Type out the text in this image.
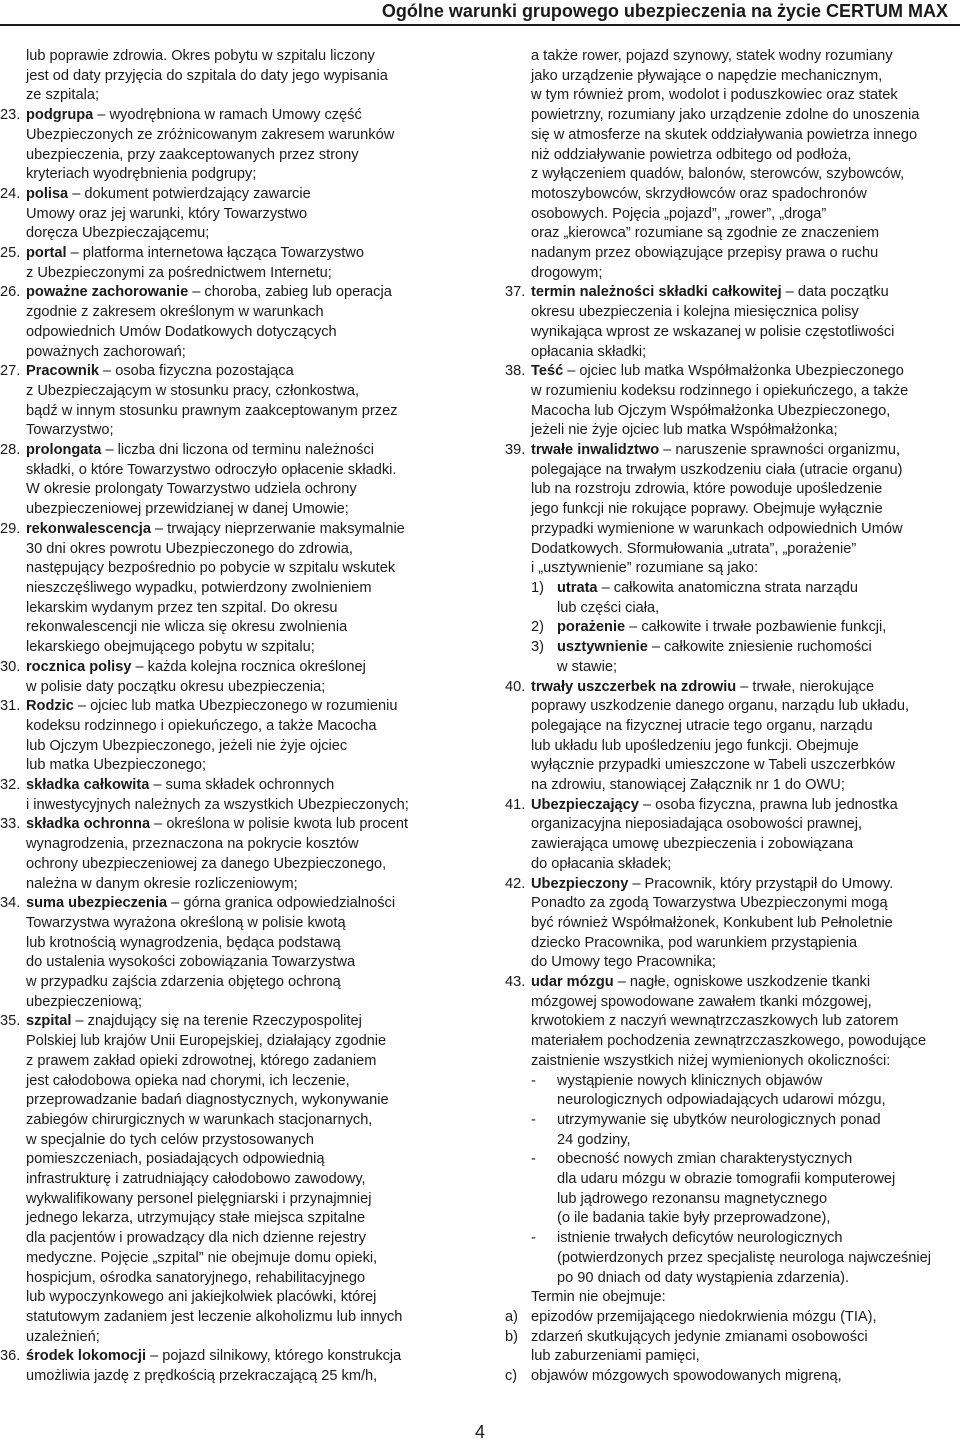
Ogólne warunki grupowego ubezpieczenia na życie CERTUM MAX
lub poprawie zdrowia. Okres pobytu w szpitalu liczony
jest od daty przyjęcia do szpitala do daty jego wypisania
ze szpitala;
23. podgrupa – wyodrębniona w ramach Umowy część
Ubezpieczonych ze zróżnicowanym zakresem warunków
ubezpieczenia, przy zaakceptowanych przez strony
kryteriach wyodrębnienia podgrupy;
24. polisa – dokument potwierdzający zawarcie
Umowy oraz jej warunki, który Towarzystwo
doręcza Ubezpieczającemu;
25. portal – platforma internetowa łącząca Towarzystwo
z Ubezpieczonymi za pośrednictwem Internetu;
26. poważne zachorowanie – choroba, zabieg lub operacja
zgodnie z zakresem określonym w warunkach
odpowiednich Umów Dodatkowych dotyczących
poważnych zachorowań;
27. Pracownik – osoba fizyczna pozostająca
z Ubezpieczającym w stosunku pracy, członkostwa,
bądź w innym stosunku prawnym zaakceptowanym przez
Towarzystwo;
28. prolongata – liczba dni liczona od terminu należności
składki, o które Towarzystwo odroczyło opłacenie składki.
W okresie prolongaty Towarzystwo udziela ochrony
ubezpieczeniowej przewidzianej w danej Umowie;
29. rekonwalescencja – trwający nieprzerwanie maksymalnie
30 dni okres powrotu Ubezpieczonego do zdrowia,
następujący bezpośrednio po pobycie w szpitalu wskutek
nieszczęśliwego wypadku, potwierdzony zwolnieniem
lekarskim wydanym przez ten szpital. Do okresu
rekonwalescencji nie wlicza się okresu zwolnienia
lekarskiego obejmującego pobytu w szpitalu;
30. rocznica polisy – każda kolejna rocznica określonej
w polisie daty początku okresu ubezpieczenia;
31. Rodzic – ojciec lub matka Ubezpieczonego w rozumieniu
kodeksu rodzinnego i opiekuńczego, a także Macocha
lub Ojczym Ubezpieczonego, jeżeli nie żyje ojciec
lub matka Ubezpieczonego;
32. składka całkowita – suma składek ochronnych
i inwestycyjnych należnych za wszystkich Ubezpieczonych;
33. składka ochronna – określona w polisie kwota lub procent
wynagrodzenia, przeznaczona na pokrycie kosztów
ochrony ubezpieczeniowej za danego Ubezpieczonego,
należna w danym okresie rozliczeniowym;
34. suma ubezpieczenia – górna granica odpowiedzialności
Towarzystwa wyrażona określoną w polisie kwotą
lub krotnością wynagrodzenia, będąca podstawą
do ustalenia wysokości zobowiązania Towarzystwa
w przypadku zajścia zdarzenia objętego ochroną
ubezpieczeniową;
35. szpital – znajdujący się na terenie Rzeczypospolitej
Polskiej lub krajów Unii Europejskiej, działający zgodnie
z prawem zakład opieki zdrowotnej, którego zadaniem
jest całodobowa opieka nad chorymi, ich leczenie,
przeprowadzanie badań diagnostycznych, wykonywanie
zabiegów chirurgicznych w warunkach stacjonarnych,
w specjalnie do tych celów przystosowanych
pomieszczeniach, posiadających odpowiednią
infrastrukturę i zatrudniający całodobowo zawodowy,
wykwalifikowany personel pielęgniarski i przynajmniej
jednego lekarza, utrzymujący stałe miejsca szpitalne
dla pacjentów i prowadzący dla nich dzienne rejestry
medyczne. Pojęcie „szpital” nie obejmuje domu opieki,
hospicjum, ośrodka sanatoryjnego, rehabilitacyjnego
lub wypoczynkowego ani jakiejkolwiek placówki, której
statutowym zadaniem jest leczenie alkoholizmu lub innych
uzależnień;
36. środek lokomocji – pojazd silnikowy, którego konstrukcja
umożliwia jazdę z prędkością przekraczającą 25 km/h,
a także rower, pojazd szynowy, statek wodny rozumiany
jako urządzenie pływające o napędzie mechanicznym,
w tym również prom, wodolot i poduszkowiec oraz statek
powietrzny, rozumiany jako urządzenie zdolne do unoszenia
się w atmosferze na skutek oddziaływania powietrza innego
niż oddziaływanie powietrza odbitego od podłoża,
z wyłączeniem quadów, balonów, sterowców, szybowców,
motoszybowców, skrzydłowców oraz spadochronów
osobowych. Pojęcia „pojazd”, „rower”, „droga”
oraz „kierowca” rozumiane są zgodnie ze znaczeniem
nadanym przez obowiązujące przepisy prawa o ruchu
drogowym;
37. termin należności składki całkowitej – data początku
okresu ubezpieczenia i kolejna miesięcznica polisy
wynikająca wprost ze wskazanej w polisie częstotliwości
opłacania składki;
38. Teść – ojciec lub matka Współmałżonka Ubezpieczonego
w rozumieniu kodeksu rodzinnego i opiekuńczego, a także
Macocha lub Ojczym Współmałżonka Ubezpieczonego,
jeżeli nie żyje ojciec lub matka Współmałżonka;
39. trwałe inwalidztwo – naruszenie sprawności organizmu,
polegające na trwałym uszkodzeniu ciała (utracie organu)
lub na rozstroju zdrowia, które powoduje upośledzenie
jego funkcji nie rokujące poprawy. Obejmuje wyłącznie
przypadki wymienione w warunkach odpowiednich Umów
Dodatkowych. Sformułowania „utrata”, „porażenie”
i „usztywnienie” rozumiane są jako:
1) utrata – całkowita anatomiczna strata narządu
lub części ciała,
2) porażenie – całkowite i trwałe pozbawienie funkcji,
3) usztywnienie – całkowite zniesienie ruchomości
w stawie;
40. trwały uszczerbek na zdrowiu – trwałe, nierokujące
poprawy uszkodzenie danego organu, narządu lub układu,
polegające na fizycznej utracie tego organu, narządu
lub układu lub upośledzeniu jego funkcji. Obejmuje
wyłącznie przypadki umieszczone w Tabeli uszczerbków
na zdrowiu, stanowiącej Załącznik nr 1 do OWU;
41. Ubezpieczający – osoba fizyczna, prawna lub jednostka
organizacyjna nieposiadająca osobowości prawnej,
zawierająca umowę ubezpieczenia i zobowiązana
do opłacania składek;
42. Ubezpieczony – Pracownik, który przystąpił do Umowy.
Ponadto za zgodą Towarzystwa Ubezpieczonymi mogą
być również Współmałżonek, Konkubent lub Pełnoletnie
dziecko Pracownika, pod warunkiem przystąpienia
do Umowy tego Pracownika;
43. udar mózgu – nagłe, ogniskowe uszkodzenie tkanki
mózgowej spowodowane zawałem tkanki mózgowej,
krwotokiem z naczyń wewnątrzczaszkowych lub zatorem
materiałem pochodzenia zewnątrzczaszkowego, powodujące
zaistnienie wszystkich niżej wymienionych okoliczności:
- wystąpienie nowych klinicznych objawów
neurologicznych odpowiadających udarowi mózgu,
- utrzymywanie się ubytków neurologicznych ponad
24 godziny,
- obecność nowych zmian charakterystycznych
dla udaru mózgu w obrazie tomografii komputerowej
lub jądrowego rezonansu magnetycznego
(o ile badania takie były przeprowadzone),
- istnienie trwałych deficytów neurologicznych
(potwierdzonych przez specjalistę neurologa najwcześniej
po 90 dniach od daty wystąpienia zdarzenia).
Termin nie obejmuje:
a) epizodów przemijającego niedokrwienia mózgu (TIA),
b) zdarzeń skutkujących jedynie zmianami osobowości
lub zaburzeniami pamięci,
c) objawów mózgowych spowodowanych migreną,
4
